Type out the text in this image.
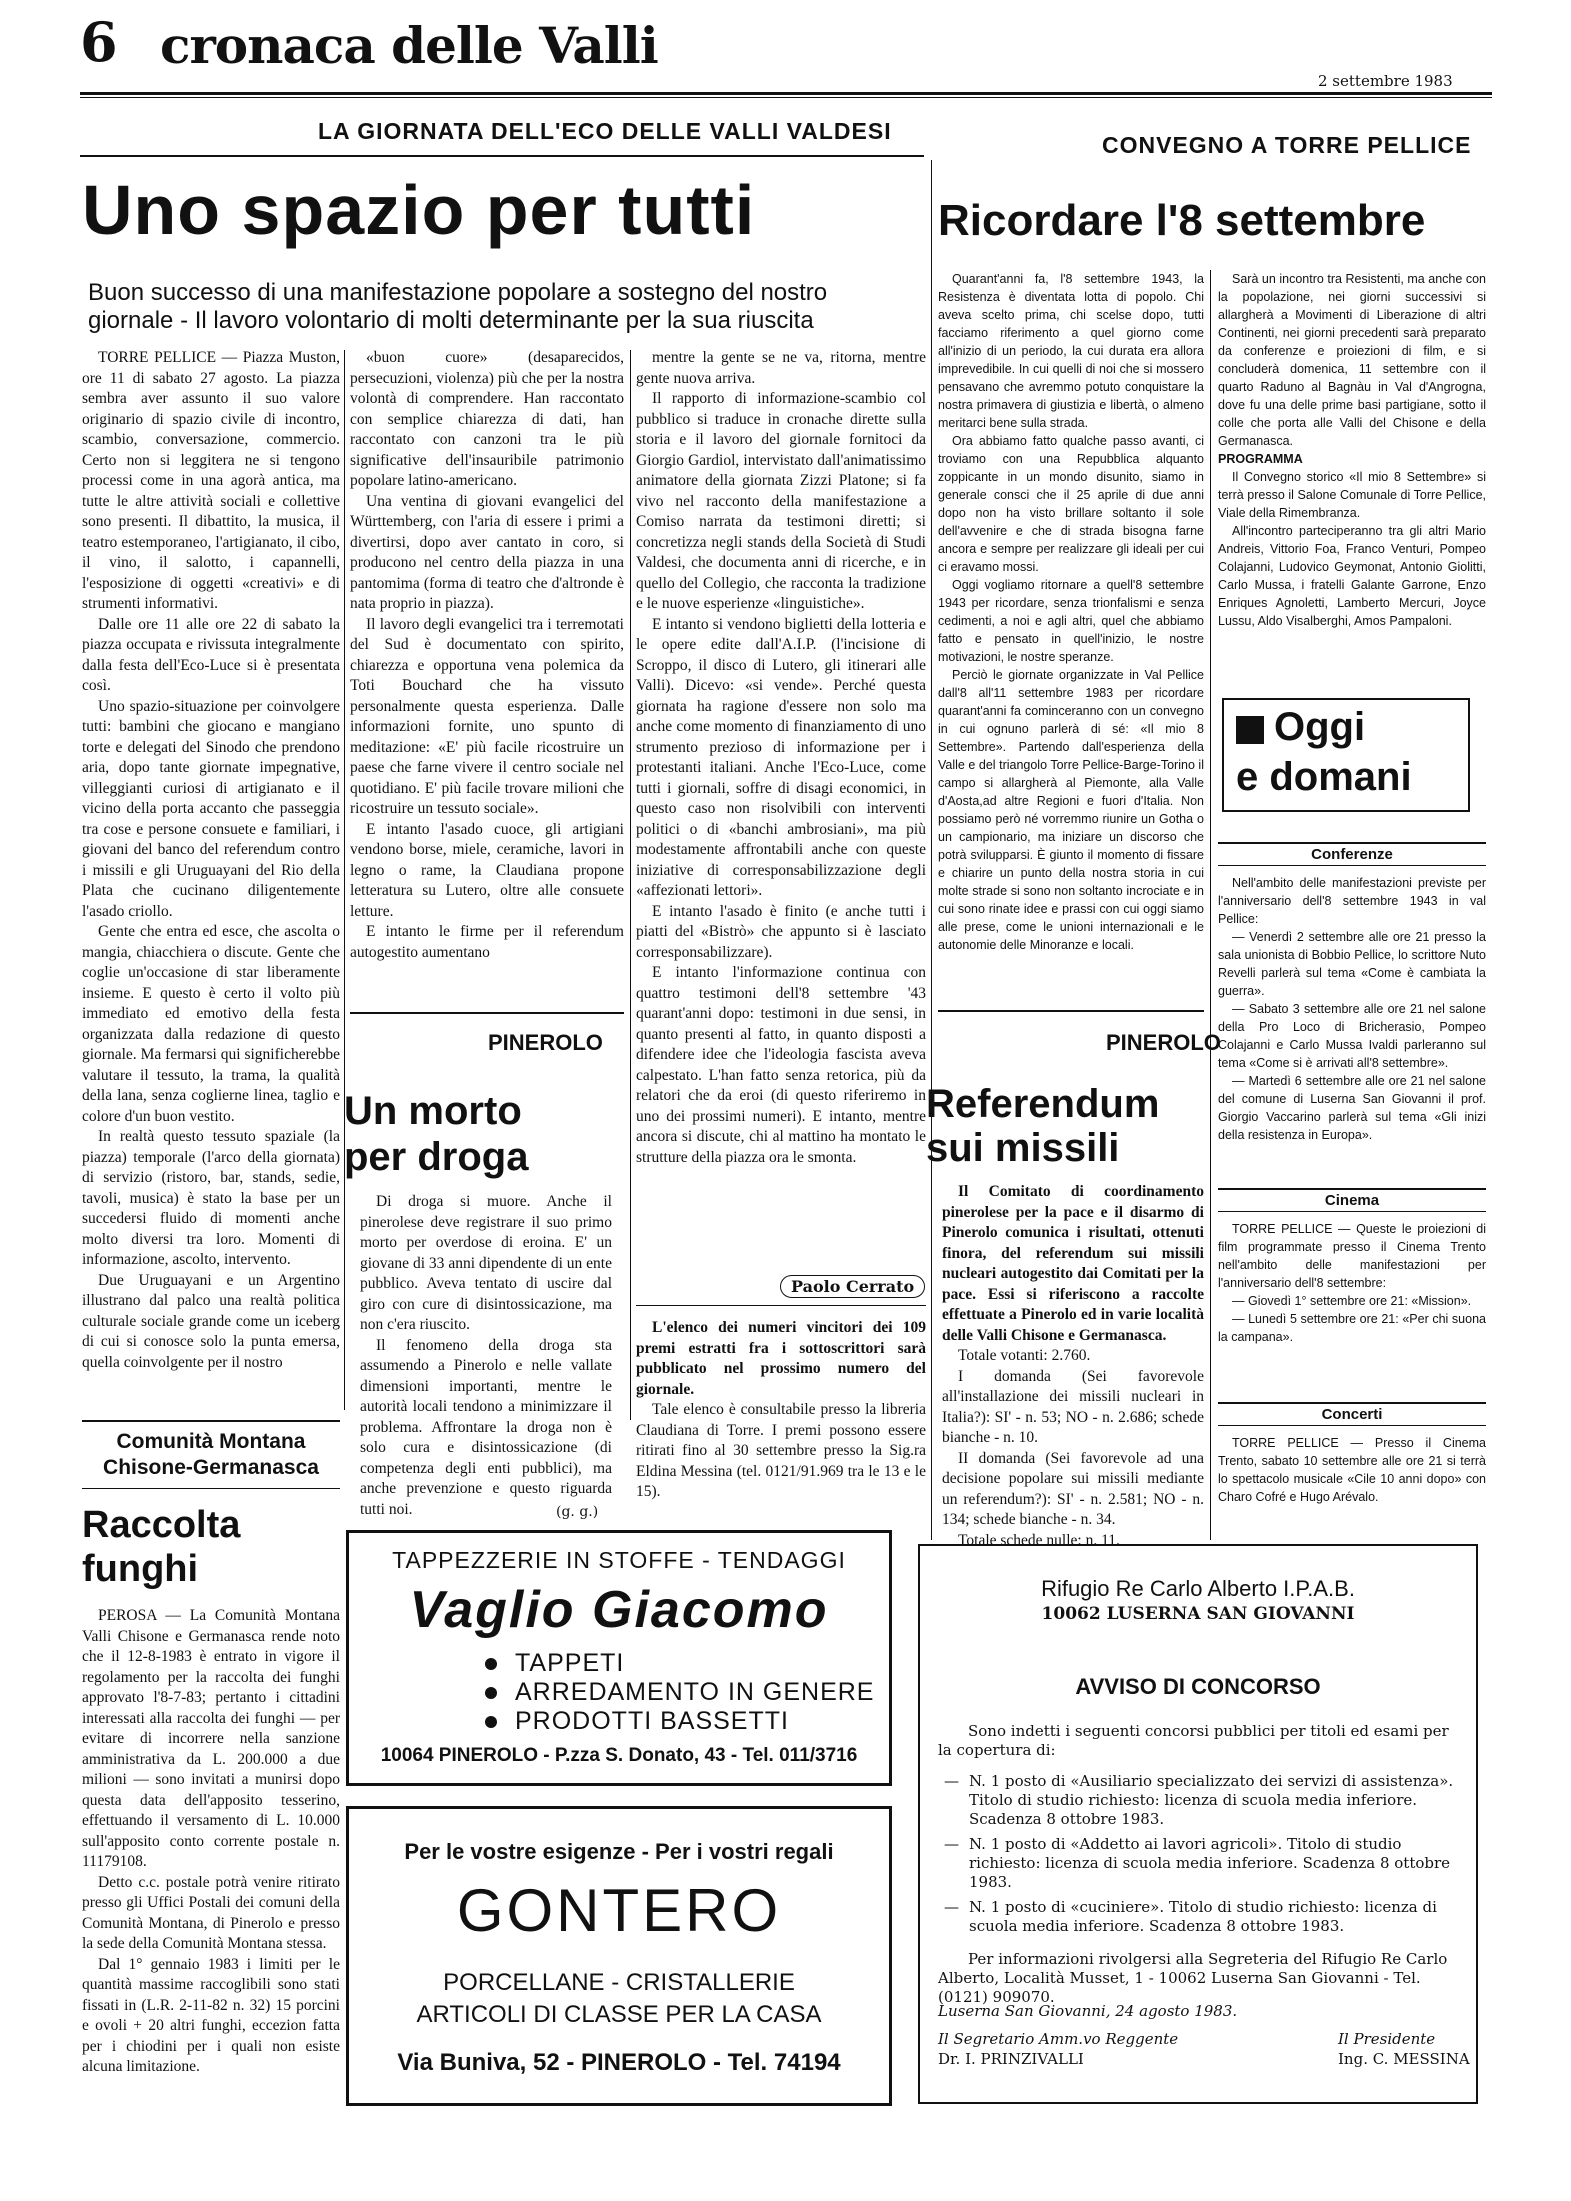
6 cronaca delle Valli
2 settembre 1983
LA GIORNATA DELL'ECO DELLE VALLI VALDESI
Uno spazio per tutti
Buon successo di una manifestazione popolare a sostegno del nostro
giornale - Il lavoro volontario di molti determinante per la sua riuscita

TORRE PELLICE — Piazza Muston, ore 11 di sabato 27 agosto. La piazza sembra aver assunto il suo valore originario di spazio civile di incontro, scambio, conversazione, commercio. Certo non si leggitera ne si tengono processi come in una agorà antica, ma tutte le altre attività sociali e collettive sono presenti. Il dibattito, la musica, il teatro estemporaneo, l'artigianato, il cibo, il vino, il salotto, i capannelli, l'esposizione di oggetti «creativi» e di strumenti informativi.

Dalle ore 11 alle ore 22 di sabato la piazza occupata e rivissuta integralmente dalla festa dell'Eco-Luce si è presentata così.

Uno spazio-situazione per coinvolgere tutti: bambini che giocano e mangiano torte e delegati del Sinodo che prendono aria, dopo tante giornate impegnative, villeggianti curiosi di artigianato e il vicino della porta accanto che passeggia tra cose e persone consuete e familiari, i giovani del banco del referendum contro i missili e gli Uruguayani del Rio della Plata che cucinano diligentemente l'asado criollo.

Gente che entra ed esce, che ascolta o mangia, chiacchiera o discute. Gente che coglie un'occasione di star liberamente insieme. E questo è certo il volto più immediato ed emotivo della festa organizzata dalla redazione di questo giornale. Ma fermarsi qui significherebbe valutare il tessuto, la trama, la qualità della lana, senza coglierne linea, taglio e colore d'un buon vestito.

In realtà questo tessuto spaziale (la piazza) temporale (l'arco della giornata) di servizio (ristoro, bar, stands, sedie, tavoli, musica) è stato la base per un succedersi fluido di momenti anche molto diversi tra loro. Momenti di informazione, ascolto, intervento.

Due Uruguayani e un Argentino illustrano dal palco una realtà politica culturale sociale grande come un iceberg di cui si conosce solo la punta emersa, quella coinvolgente per il nostro

«buon cuore» (desaparecidos, persecuzioni, violenza) più che per la nostra volontà di comprendere. Han raccontato con semplice chiarezza di dati, han raccontato con canzoni tra le più significative dell'insauribile patrimonio popolare latino-americano.

Una ventina di giovani evangelici del Württemberg, con l'aria di essere i primi a divertirsi, dopo aver cantato in coro, si producono nel centro della piazza in una pantomima (forma di teatro che d'altronde è nata proprio in piazza).

Il lavoro degli evangelici tra i terremotati del Sud è documentato con spirito, chiarezza e opportuna vena polemica da Toti Bouchard che ha vissuto personalmente questa esperienza. Dalle informazioni fornite, uno spunto di meditazione: «E' più facile ricostruire un paese che farne vivere il centro sociale nel quotidiano. E' più facile trovare milioni che ricostruire un tessuto sociale».

E intanto l'asado cuoce, gli artigiani vendono borse, miele, ceramiche, lavori in legno o rame, la Claudiana propone letteratura su Lutero, oltre alle consuete letture.

E intanto le firme per il referendum autogestito aumentano

mentre la gente se ne va, ritorna, mentre gente nuova arriva.

Il rapporto di informazione-scambio col pubblico si traduce in cronache dirette sulla storia e il lavoro del giornale fornitoci da Giorgio Gardiol, intervistato dall'animatissimo animatore della giornata Zizzi Platone; si fa vivo nel racconto della manifestazione a Comiso narrata da testimoni diretti; si concretizza negli stands della Società di Studi Valdesi, che documenta anni di ricerche, e in quello del Collegio, che racconta la tradizione e le nuove esperienze «linguistiche».

E intanto si vendono biglietti della lotteria e le opere edite dall'A.I.P. (l'incisione di Scroppo, il disco di Lutero, gli itinerari alle Valli). Dicevo: «si vende». Perché questa giornata ha ragione d'essere non solo ma anche come momento di finanziamento di uno strumento prezioso di informazione per i protestanti italiani. Anche l'Eco-Luce, come tutti i giornali, soffre di disagi economici, in questo caso non risolvibili con interventi politici o di «banchi ambrosiani», ma più modestamente affrontabili anche con queste iniziative di corresponsabilizzazione degli «affezionati lettori».

E intanto l'asado è finito (e anche tutti i piatti del «Bistrò» che appunto si è lasciato corresponsabilizzare).

E intanto l'informazione continua con quattro testimoni dell'8 settembre '43 quarant'anni dopo: testimoni in due sensi, in quanto presenti al fatto, in quanto disposti a difendere idee che l'ideologia fascista aveva calpestato. L'han fatto senza retorica, più da relatori che da eroi (di questo riferiremo in uno dei prossimi numeri). E intanto, mentre ancora si discute, chi al mattino ha montato le strutture della piazza ora le smonta.

Paolo Cerrato

L'elenco dei numeri vincitori dei 109 premi estratti fra i sottoscrittori sarà pubblicato nel prossimo numero del giornale.

Tale elenco è consultabile presso la libreria Claudiana di Torre. I premi possono essere ritirati fino al 30 settembre presso la Sig.ra Eldina Messina (tel. 0121/91.969 tra le 13 e le 15).

PINEROLO
Un morto
per droga

Di droga si muore. Anche il pinerolese deve registrare il suo primo morto per overdose di eroina. E' un giovane di 33 anni dipendente di un ente pubblico. Aveva tentato di uscire dal giro con cure di disintossicazione, ma non c'era riuscito.

Il fenomeno della droga sta assumendo a Pinerolo e nelle vallate dimensioni importanti, mentre le autorità locali tendono a minimizzare il problema. Affrontare la droga non è solo cura e disintossicazione (di competenza degli enti pubblici), ma anche prevenzione e questo riguarda tutti noi.	(g. g.)
Comunità Montana
Chisone-Germanasca
Raccolta
funghi

PEROSA — La Comunità Montana Valli Chisone e Germanasca rende noto che il 12-8-1983 è entrato in vigore il regolamento per la raccolta dei funghi approvato l'8-7-83; pertanto i cittadini interessati alla raccolta dei funghi — per evitare di incorrere nella sanzione amministrativa da L. 200.000 a due milioni — sono invitati a munirsi dopo questa data dell'apposito tesserino, effettuando il versamento di L. 10.000 sull'apposito conto corrente postale n. 11179108.

Detto c.c. postale potrà venire ritirato presso gli Uffici Postali dei comuni della Comunità Montana, di Pinerolo e presso la sede della Comunità Montana stessa.

Dal 1° gennaio 1983 i limiti per le quantità massime raccoglibili sono stati fissati in (L.R. 2-11-82 n. 32) 15 porcini e ovoli + 20 altri funghi, eccezion fatta per i chiodini per i quali non esiste alcuna limitazione.

CONVEGNO A TORRE PELLICE
Ricordare l'8 settembre

Quarant'anni fa, l'8 settembre 1943, la Resistenza è diventata lotta di popolo. Chi aveva scelto prima, chi scelse dopo, tutti facciamo riferimento a quel giorno come all'inizio di un periodo, la cui durata era allora imprevedibile. In cui quelli di noi che si mossero pensavano che avremmo potuto conquistare la nostra primavera di giustizia e libertà, o almeno meritarci bene sulla strada.

Ora abbiamo fatto qualche passo avanti, ci troviamo con una Repubblica alquanto zoppicante in un mondo disunito, siamo in generale consci che il 25 aprile di due anni dopo non ha visto brillare soltanto il sole dell'avvenire e che di strada bisogna farne ancora e sempre per realizzare gli ideali per cui ci eravamo mossi.

Oggi vogliamo ritornare a quell'8 settembre 1943 per ricordare, senza trionfalismi e senza cedimenti, a noi e agli altri, quel che abbiamo fatto e pensato in quell'inizio, le nostre motivazioni, le nostre speranze.

Perciò le giornate organizzate in Val Pellice dall'8 all'11 settembre 1983 per ricordare quarant'anni fa cominceranno con un convegno in cui ognuno parlerà di sé: «Il mio 8 Settembre». Partendo dall'esperienza della Valle e del triangolo Torre Pellice-Barge-Torino il campo si allargherà al Piemonte, alla Valle d'Aosta,ad altre Regioni e fuori d'Italia. Non possiamo però né vorremmo riunire un Gotha o un campionario, ma iniziare un discorso che potrà svilupparsi. È giunto il momento di fissare e chiarire un punto della nostra storia in cui molte strade si sono non soltanto incrociate e in cui sono rinate idee e prassi con cui oggi siamo alle prese, come le unioni internazionali e le autonomie delle Minoranze e locali.

Sarà un incontro tra Resistenti, ma anche con la popolazione, nei giorni successivi si allargherà a Movimenti di Liberazione di altri Continenti, nei giorni precedenti sarà preparato da conferenze e proiezioni di film, e si concluderà domenica, 11 settembre con il quarto Raduno al Bagnàu in Val d'Angrogna, dove fu una delle prime basi partigiane, sotto il colle che porta alle Valli del Chisone e della Germanasca.

PROGRAMMA

Il Convegno storico «Il mio 8 Settembre» si terrà presso il Salone Comunale di Torre Pellice, Viale della Rimembranza.

All'incontro parteciperanno tra gli altri Mario Andreis, Vittorio Foa, Franco Venturi, Pompeo Colajanni, Ludovico Geymonat, Antonio Giolitti, Carlo Mussa, i fratelli Galante Garrone, Enzo Enriques Agnoletti, Lamberto Mercuri, Joyce Lussu, Aldo Visalberghi, Amos Pampaloni.

Oggi
e domani
Conferenze

Nell'ambito delle manifestazioni previste per l'anniversario dell'8 settembre 1943 in val Pellice:

— Venerdì 2 settembre alle ore 21 presso la sala unionista di Bobbio Pellice, lo scrittore Nuto Revelli parlerà sul tema «Come è cambiata la guerra».

— Sabato 3 settembre alle ore 21 nel salone della Pro Loco di Bricherasio, Pompeo Colajanni e Carlo Mussa Ivaldi parleranno sul tema «Come si è arrivati all'8 settembre».

— Martedì 6 settembre alle ore 21 nel salone del comune di Luserna San Giovanni il prof. Giorgio Vaccarino parlerà sul tema «Gli inizi della resistenza in Europa».

Cinema

TORRE PELLICE — Queste le proiezioni di film programmate presso il Cinema Trento nell'ambito delle manifestazioni per l'anniversario dell'8 settembre:

— Giovedì 1° settembre ore 21: «Mission».

— Lunedì 5 settembre ore 21: «Per chi suona la campana».

Concerti

TORRE PELLICE — Presso il Cinema Trento, sabato 10 settembre alle ore 21 si terrà lo spettacolo musicale «Cile 10 anni dopo» con Charo Cofré e Hugo Arévalo.

PINEROLO
Referendum
sui missili

Il Comitato di coordinamento pinerolese per la pace e il disarmo di Pinerolo comunica i risultati, ottenuti finora, del referendum sui missili nucleari autogestito dai Comitati per la pace. Essi si riferiscono a raccolte effettuate a Pinerolo ed in varie località delle Valli Chisone e Germanasca.

Totale votanti: 2.760.

I domanda (Sei favorevole all'installazione dei missili nucleari in Italia?): SI' - n. 53; NO - n. 2.686; schede bianche - n. 10.

II domanda (Sei favorevole ad una decisione popolare sui missili mediante un referendum?): SI' - n. 2.581; NO - n. 134; schede bianche - n. 34.

Totale schede nulle: n. 11.

TAPPEZZERIE IN STOFFE - TENDAGGI
Vaglio Giacomo
TAPPETI
ARREDAMENTO IN GENERE
PRODOTTI BASSETTI
10064 PINEROLO - P.zza S. Donato, 43 - Tel. 011/3716
Per le vostre esigenze - Per i vostri regali
GONTERO
PORCELLANE - CRISTALLERIE
ARTICOLI DI CLASSE PER LA CASA
Via Buniva, 52 - PINEROLO - Tel. 74194
Rifugio Re Carlo Alberto I.P.A.B.
10062 LUSERNA SAN GIOVANNI
AVVISO DI CONCORSO
Sono indetti i seguenti concorsi pubblici per titoli ed esami per la copertura di:
— N. 1 posto di «Ausiliario specializzato dei servizi di assistenza». Titolo di studio richiesto: licenza di scuola media inferiore. Scadenza 8 ottobre 1983.
— N. 1 posto di «Addetto ai lavori agricoli». Titolo di studio richiesto: licenza di scuola media inferiore. Scadenza 8 ottobre 1983.
— N. 1 posto di «cuciniere». Titolo di studio richiesto: licenza di scuola media inferiore. Scadenza 8 ottobre 1983.
Per informazioni rivolgersi alla Segreteria del Rifugio Re Carlo Alberto, Località Musset, 1 - 10062 Luserna San Giovanni - Tel. (0121) 909070.
Luserna San Giovanni, 24 agosto 1983.
Il Segretario Amm.vo Reggente
Dr. I. PRINZIVALLI
Il Presidente
Ing. C. MESSINA
